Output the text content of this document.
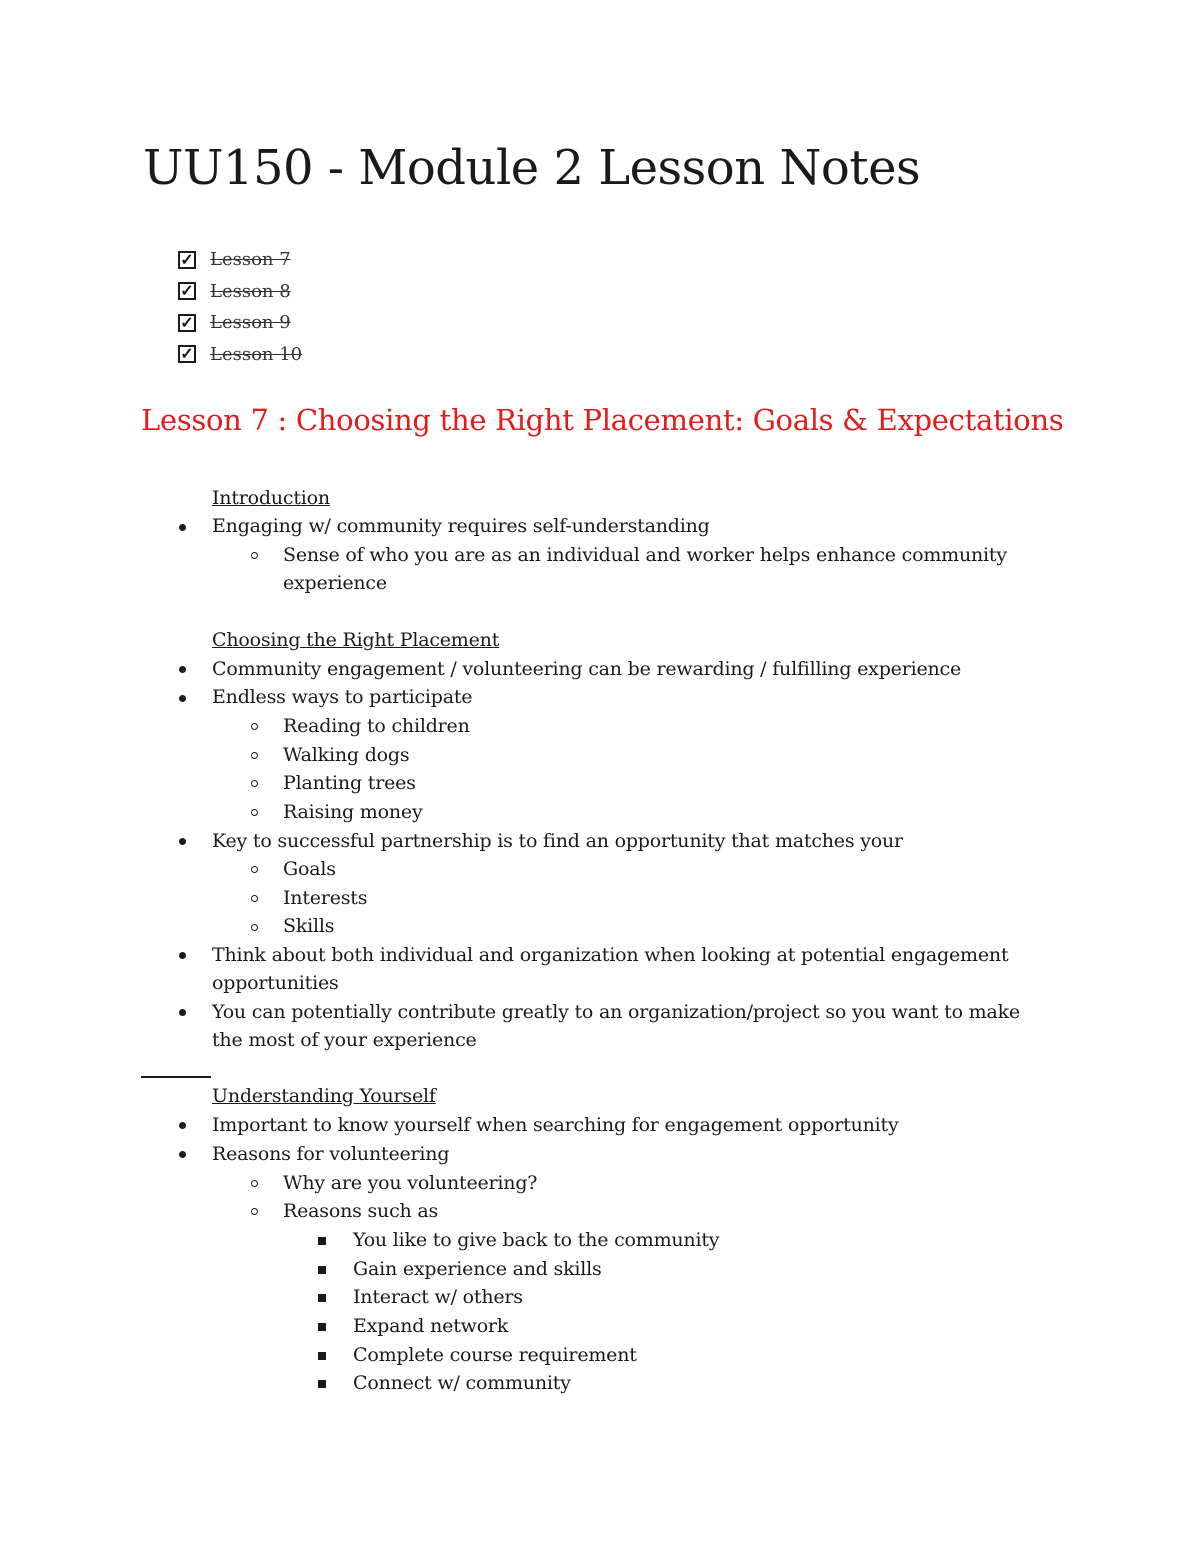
UU150 - Module 2 Lesson Notes
✓ Lesson 7
✓ Lesson 8
✓ Lesson 9
✓ Lesson 10
Lesson 7 : Choosing the Right Placement: Goals & Expectations
Introduction
Engaging w/ community requires self-understanding
Sense of who you are as an individual and worker helps enhance community
experience
Choosing the Right Placement
Community engagement / volunteering can be rewarding / fulfilling experience
Endless ways to participate
Reading to children
Walking dogs
Planting trees
Raising money
Key to successful partnership is to find an opportunity that matches your
Goals
Interests
Skills
Think about both individual and organization when looking at potential engagement
opportunities
You can potentially contribute greatly to an organization/project so you want to make
the most of your experience
Understanding Yourself
Important to know yourself when searching for engagement opportunity
Reasons for volunteering
Why are you volunteering?
Reasons such as
You like to give back to the community
Gain experience and skills
Interact w/ others
Expand network
Complete course requirement
Connect w/ community
